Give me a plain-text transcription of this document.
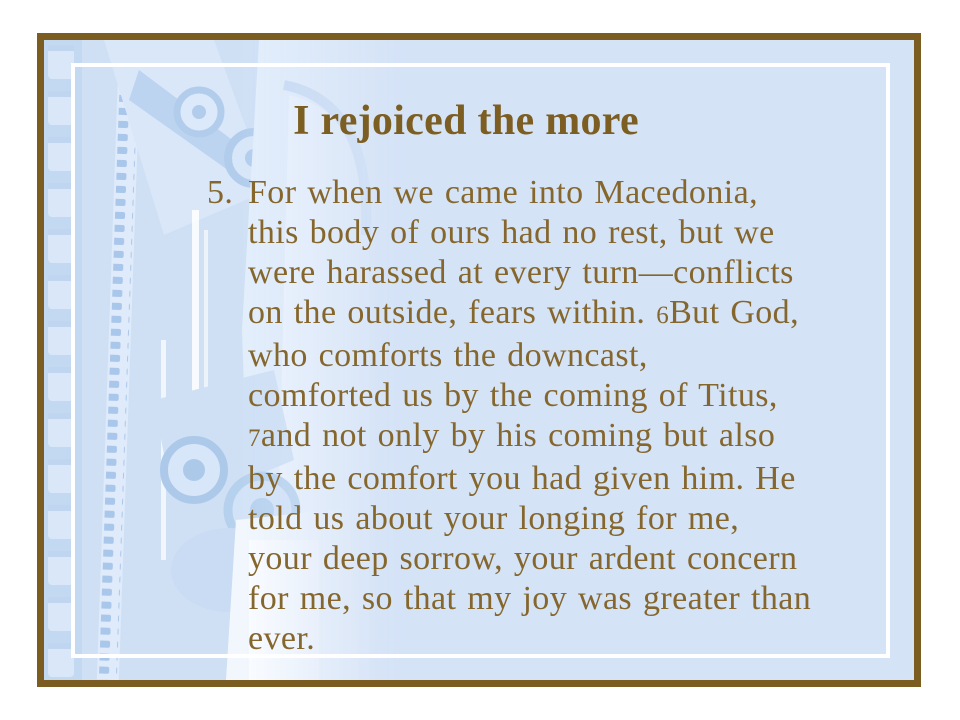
I rejoiced the more
5. For when we came into Macedonia,
this body of ours had no rest, but we
were harassed at every turn—conflicts
on the outside, fears within. 6But God,
who comforts the downcast,
comforted us by the coming of Titus,
7and not only by his coming but also
by the comfort you had given him. He
told us about your longing for me,
your deep sorrow, your ardent concern
for me, so that my joy was greater than
ever.
